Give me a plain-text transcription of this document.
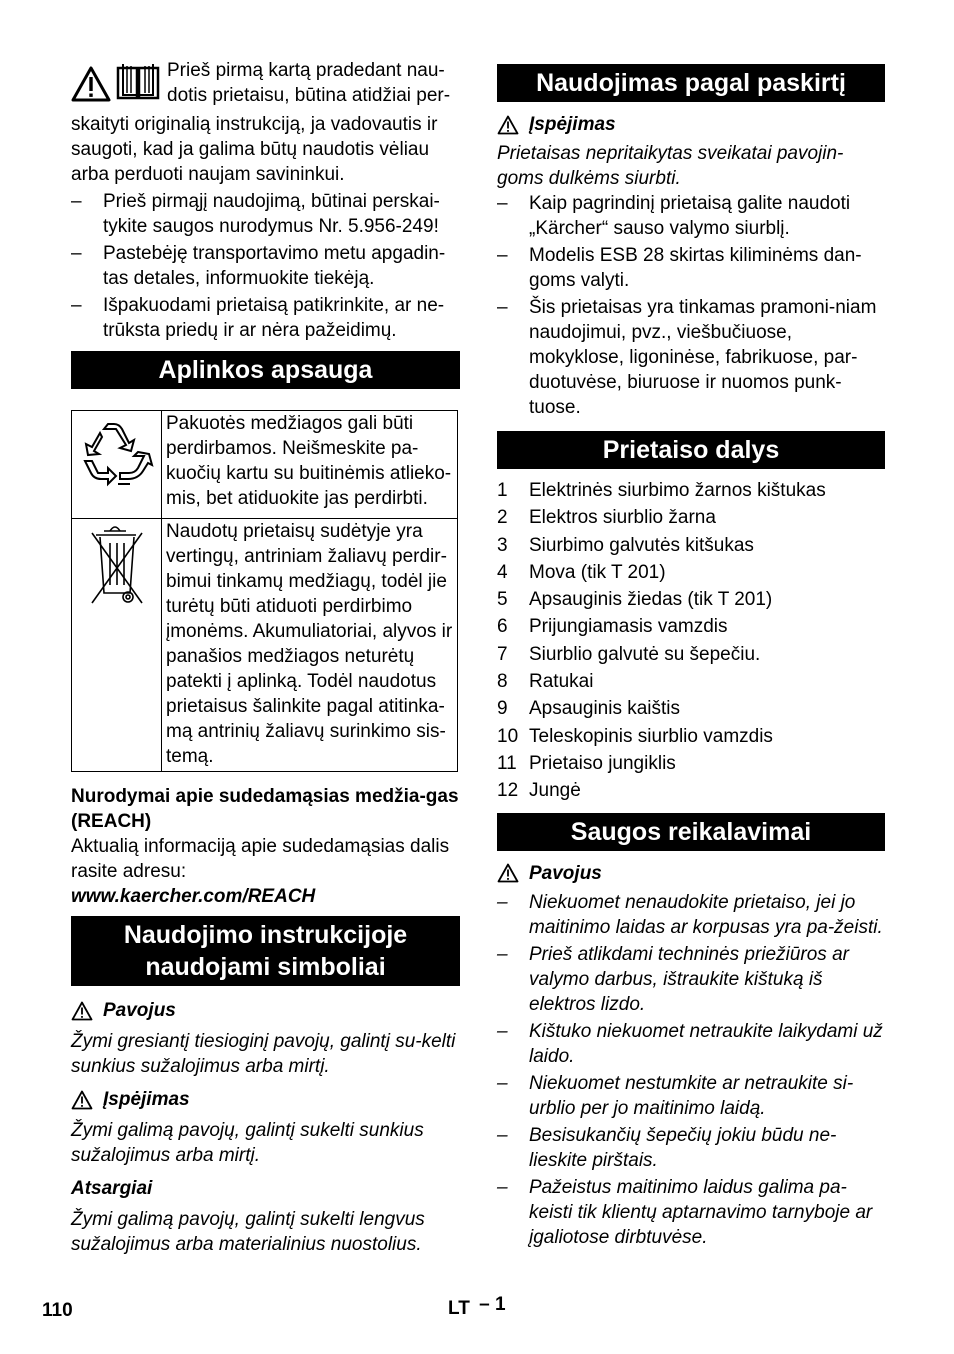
Prieš pirmą kartą pradedant nau-

dotis prietaisu, būtina atidžiai per-

skaityti originalią instrukciją, ja vadovautis ir saugoti, kad ja galima būtų naudotis vėliau arba perduoti naujam savininkui.

– Prieš pirmąjį naudojimą, būtinai perskai-tykite saugos nurodymus Nr. 5.956-249!
– Pastebėję transportavimo metu apgadin-tas detales, informuokite tiekėją.
– Išpakuodami prietaisą patikrinkite, ar ne-trūksta priedų ir ar nėra pažeidimų.
Aplinkos apsauga
	Pakuotės medžiagos gali būti perdirbamos. Neišmeskite pa-kuočių kartu su buitinėmis atlieko-mis, bet atiduokite jas perdirbti.
	Naudotų prietaisų sudėtyje yra vertingų, antriniam žaliavų perdir-bimui tinkamų medžiagų, todėl jie turėtų būti atiduoti perdirbimo įmonėms. Akumuliatoriai, alyvos ir panašios medžiagos neturėtų patekti į aplinką. Todėl naudotus prietaisus šalinkite pagal atitinka-mą antrinių žaliavų surinkimo sis-temą.

Nurodymai apie sudedamąsias medžia-gas (REACH)

Aktualią informaciją apie sudedamąsias dalis rasite adresu:

www.kaercher.com/REACH

Naudojimo instrukcijoje naudojami simboliai
Pavojus

Žymi gresiantį tiesioginį pavojų, galintį su-kelti sunkius sužalojimus arba mirtį.

Įspėjimas

Žymi galimą pavojų, galintį sukelti sunkius sužalojimus arba mirtį.

Atsargiai

Žymi galimą pavojų, galintį sukelti lengvus sužalojimus arba materialinius nuostolius.

Naudojimas pagal paskirtį
Įspėjimas

Prietaisas nepritaikytas sveikatai pavojin-goms dulkėms siurbti.

– Kaip pagrindinį prietaisą galite naudoti „Kärcher“ sauso valymo siurblį.
– Modelis ESB 28 skirtas kiliminėms dan-goms valyti.
– Šis prietaisas yra tinkamas pramoni-niam naudojimui, pvz., viešbučiuose, mokyklose, ligoninėse, fabrikuose, par-duotuvėse, biuruose ir nuomos punk-tuose.
Prietaiso dalys
1	Elektrinės siurbimo žarnos kištukas
2	Elektros siurblio žarna
3	Siurbimo galvutės kitšukas
4	Mova (tik T 201)
5	Apsauginis žiedas (tik T 201)
6	Prijungiamasis vamzdis
7	Siurblio galvutė su šepečiu.
8	Ratukai
9	Apsauginis kaištis
10 Teleskopinis siurblio vamzdis
11 Prietaiso jungiklis
12 Jungė
Saugos reikalavimai
Pavojus
– Niekuomet nenaudokite prietaiso, jei jo maitinimo laidas ar korpusas yra pa-žeisti.
– Prieš atlikdami techninės priežiūros ar valymo darbus, ištraukite kištuką iš elektros lizdo.
– Kištuko niekuomet netraukite laikydami už laido.
– Niekuomet nestumkite ar netraukite si-urblio per jo maitinimo laidą.
– Besisukančių šepečių jokiu būdu ne-lieskite pirštais.
– Pažeistus maitinimo laidus galima pa-keisti tik klientų aptarnavimo tarnyboje ar įgaliotose dirbtuvėse.
110	LT – 1
